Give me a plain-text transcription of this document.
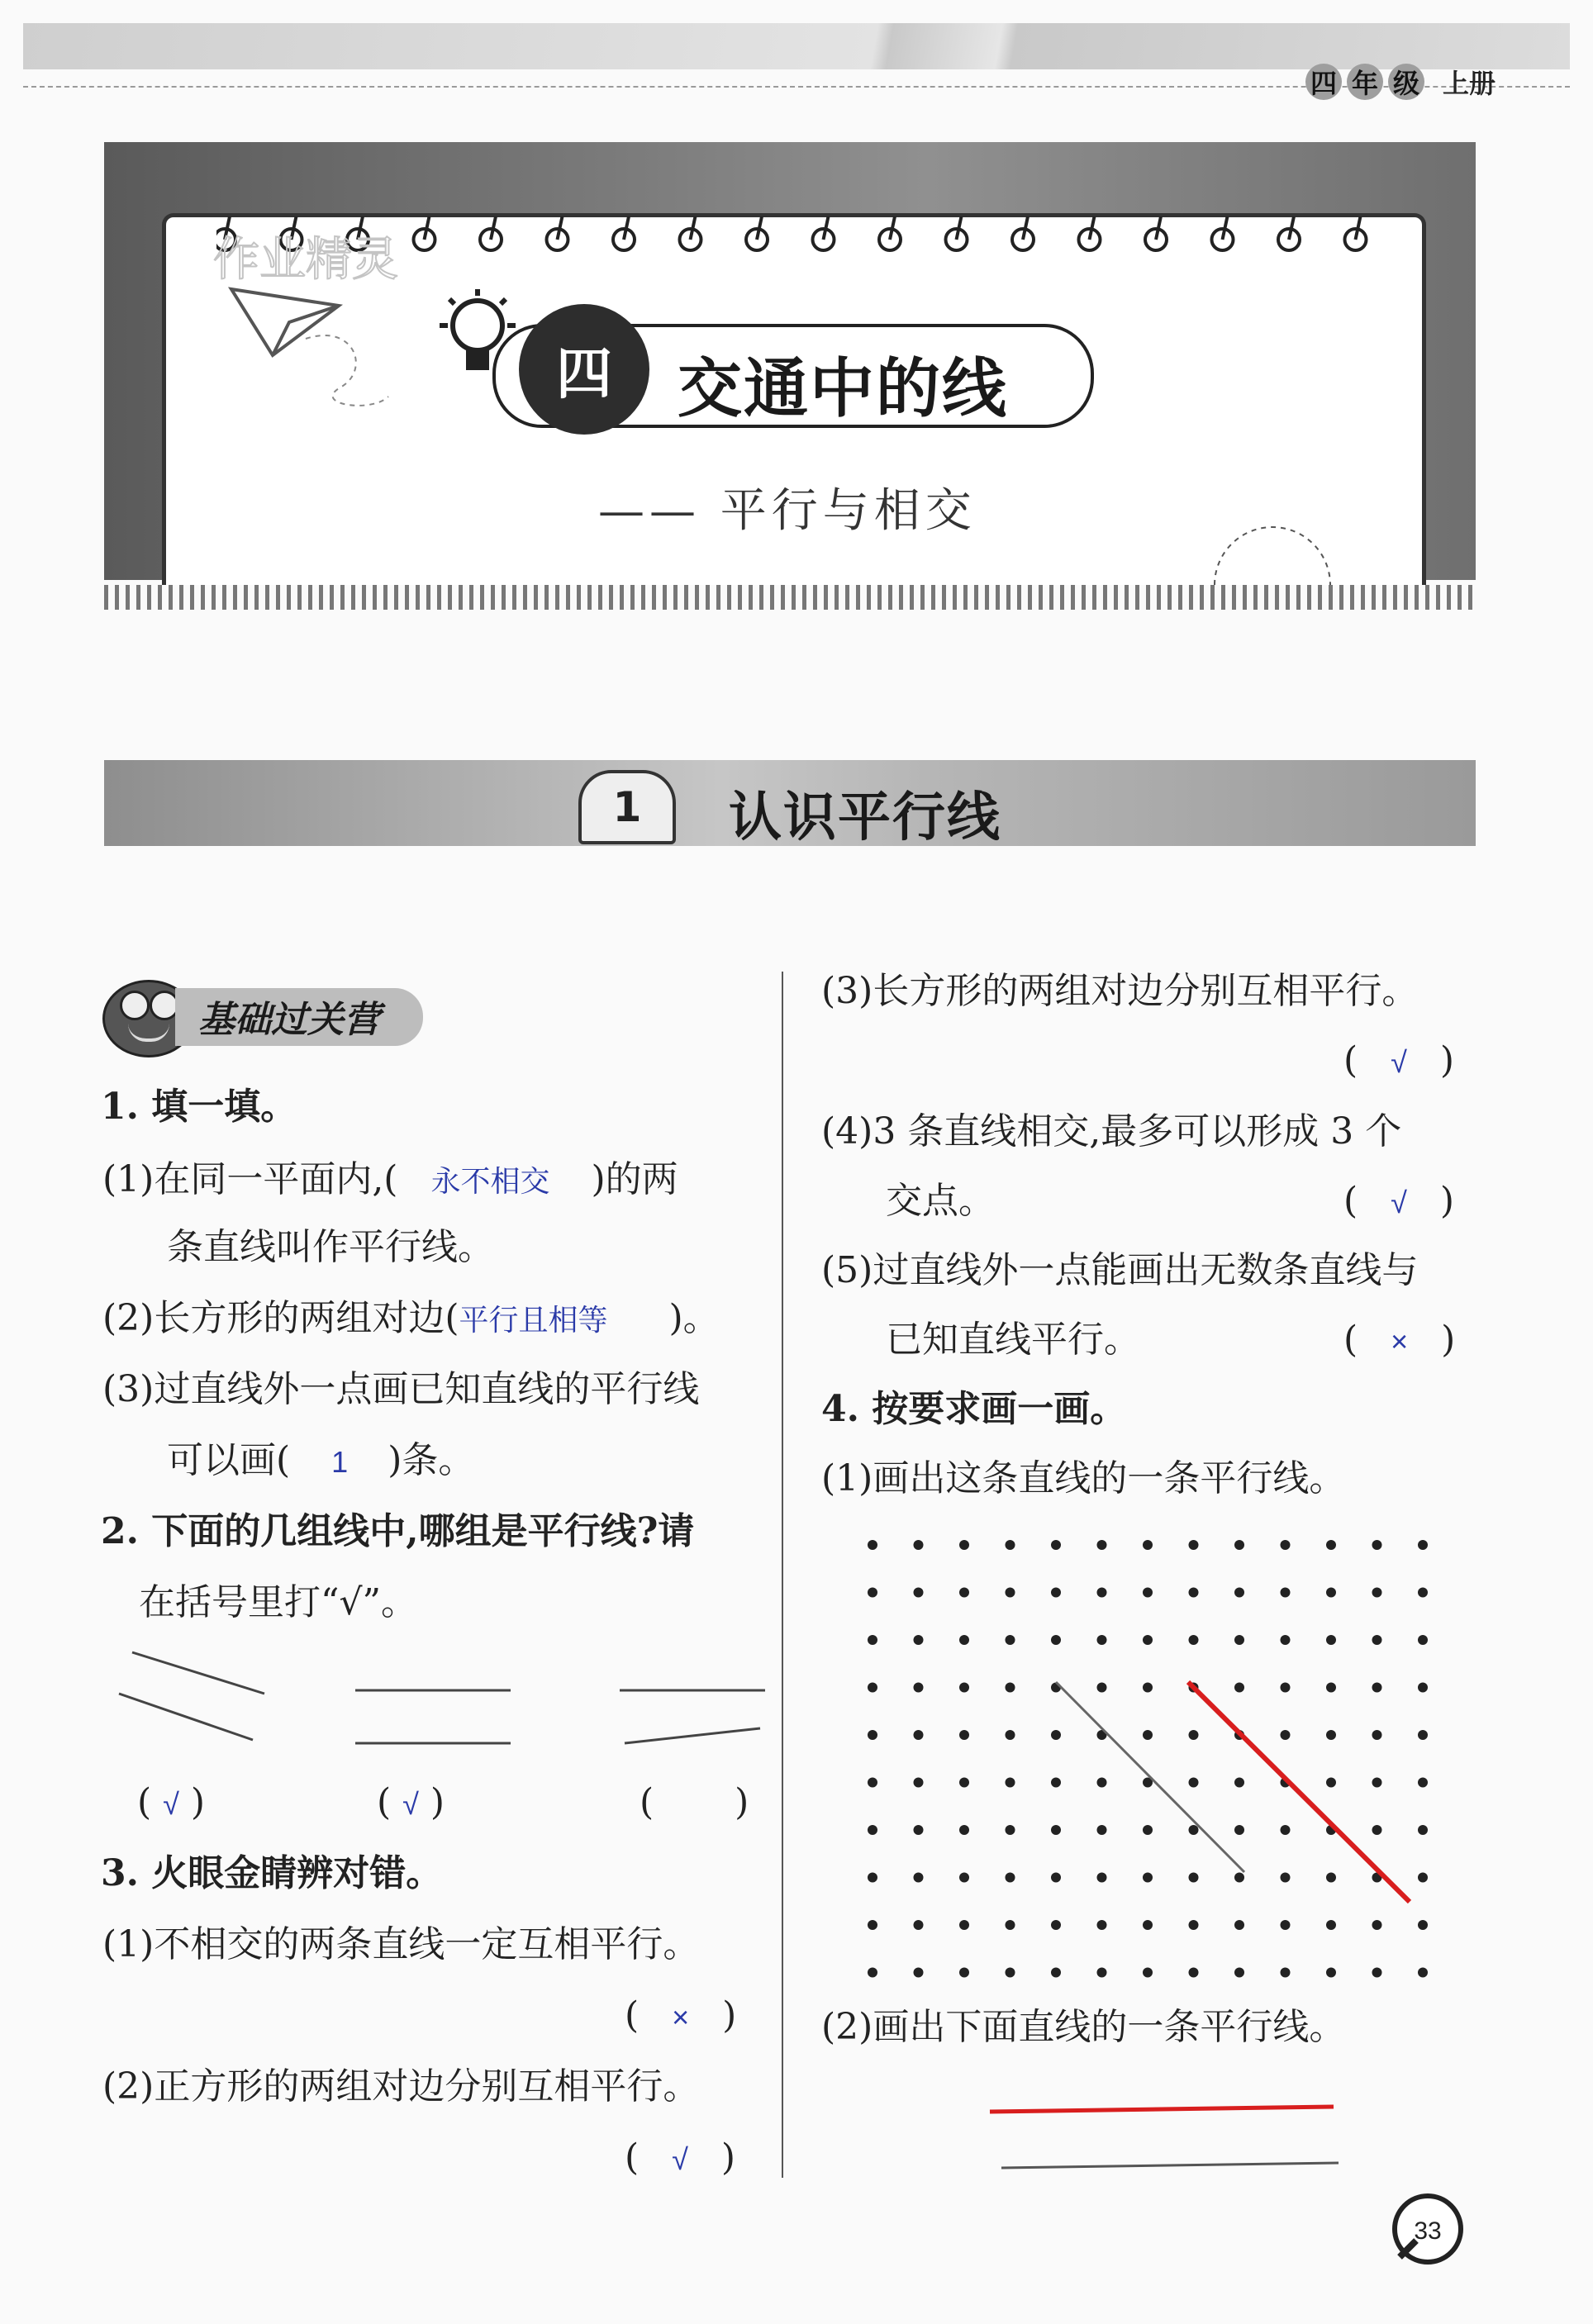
四 年 级 上册
作业精灵
四	交通中的线
—— 平行与相交
1	认识平行线
基础过关营
1. 填一填。
(1)在同一平面内,( 永不相交 )的两
条直线叫作平行线。
(2)长方形的两组对边(平行且相等 )。
(3)过直线外一点画已知直线的平行线
可以画( 1 )条。
2. 下面的几组线中,哪组是平行线?请
在括号里打“√”。
( √ )	( √ )	(  )
3. 火眼金睛辨对错。
(1)不相交的两条直线一定互相平行。
( × )
(2)正方形的两组对边分别互相平行。
( √ )
(3)长方形的两组对边分别互相平行。
( √ )
(4)3 条直线相交,最多可以形成 3 个
交点。	( √ )
(5)过直线外一点能画出无数条直线与
已知直线平行。	( × )
4. 按要求画一画。
(1)画出这条直线的一条平行线。
(2)画出下面直线的一条平行线。
33
